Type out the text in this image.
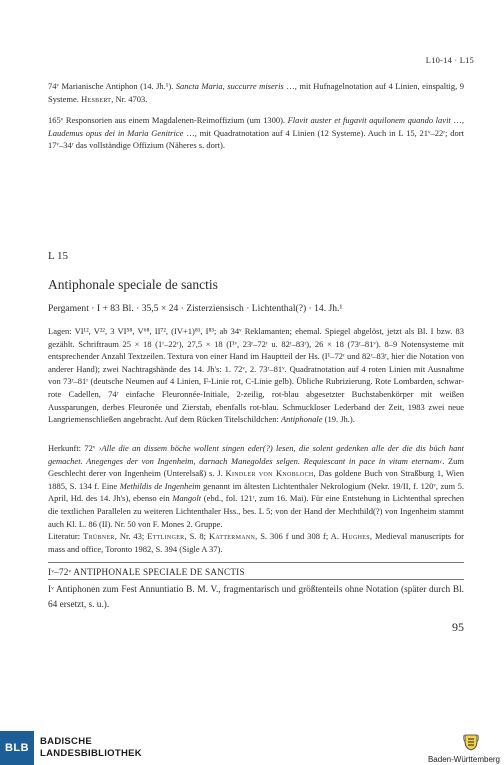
L10-14 · L15
74ᵛ Marianische Antiphon (14. Jh.¹). Sancta Maria, succurre miseris …, mit Hufnagelnotation auf 4 Linien, einspaltig, 9 Systeme. Hesbert, Nr. 4703.
165ᵛ Responsorien aus einem Magdalenen-Reimoffizium (um 1300). Flavit auster et fugavit aquilonem quando lavit …, Laudemus opus dei in Maria Genitrice …, mit Quadratnotation auf 4 Linien (12 Systeme). Auch in L 15, 21ᵛ–22ʳ; dort 17ᵛ–34ʳ das vollständige Offizium (Näheres s. dort).
L 15
Antiphonale speciale de sanctis
Pergament · I + 83 Bl. · 35,5 × 24 · Zisterziensisch · Lichtenthal(?) · 14. Jh.¹
Lagen: VI¹², V²², 3 VI⁵⁸, V⁶⁸, II⁷², (IV+1)⁸¹, I⁸³; ab 34ᵛ Reklamanten; ehemal. Spiegel abgelöst, jetzt als Bl. I bzw. 83 gezählt. Schriftraum 25 × 18 (1ʳ–22ʳ), 27,5 × 18 (I¹ᵛ, 23ʳ–72ʳ u. 82ʳ–83ʳ), 26 × 18 (73ʳ–81ᵛ). 8–9 Notensysteme mit entsprechender Anzahl Textzeilen. Textura von einer Hand im Hauptteil der Hs. (I¹–72ʳ und 82ʳ–83ʳ, hier die Notation von anderer Hand); zwei Nachtragshände des 14. Jh's: 1. 72ᵛ, 2. 73ʳ–81ᵛ. Quadratnotation auf 4 roten Linien mit Ausnahme von 73ʳ–81ʳ (deutsche Neumen auf 4 Linien, F-Linie rot, C-Linie gelb). Übliche Rubrizierung. Rote Lombarden, schwar-rote Cadellen, 74ʳ einfache Fleuronnée-Initiale, 2-zeilig, rot-blau abgesetzter Buchstabenkörper mit weißen Aussparungen, derbes Fleuronée und Zierstab, ebenfalls rot-blau. Schmuckloser Lederband der Zeit, 1983 zwei neue Langriemenschließen angebracht. Auf dem Rücken Titelschildchen: Antiphonale (19. Jh.).
Herkunft: 72ᵛ ›Alle die an dissem böche wollent singen eder(?) lesen, die solent gedenken alle der die dis büch hant gemachet. Anegenges der von Ingenheim, darnach Manegoldes selgen. Requiescant in pace in vitam eternam‹. Zum Geschlecht derer von Ingenheim (Unterelsaß) s. J. Kindler von Knobloch, Das goldene Buch von Straßburg 1, Wien 1885, S. 134 f. Eine Methildis de Ingenheim genannt im ältesten Lichtenthaler Nekrologium (Nekr. 19/II, f. 120ᵛ, zum 5. April, Hd. des 14. Jh's), ebenso ein Mangolt (ebd., fol. 121ʳ, zum 16. Mai). Für eine Entstehung in Lichtenthal sprechen die textlichen Parallelen zu weiteren Lichtenthaler Hss., bes. L 5; von der Hand der Mechthild(?) von Ingenheim stammt auch Kl. L. 86 (II). Nr. 50 von F. Mones 2. Gruppe.
Literatur: Trübner, Nr. 43; Ettlinger, S. 8; Kattermann, S. 306 f und 308 f; A. Hughes, Medieval manuscripts for mass and office, Toronto 1982, S. 394 (Sigle A 37).
Iᵛ–72ᵛ ANTIPHONALE SPECIALE DE SANCTIS
Iᵛ Antiphonen zum Fest Annuntiatio B. M. V., fragmentarisch und größtenteils ohne Notation (später durch Bl. 64 ersetzt, s. u.).
95
BLB
BADISCHE
LANDESBIBLIOTHEK
Baden-Württemberg
